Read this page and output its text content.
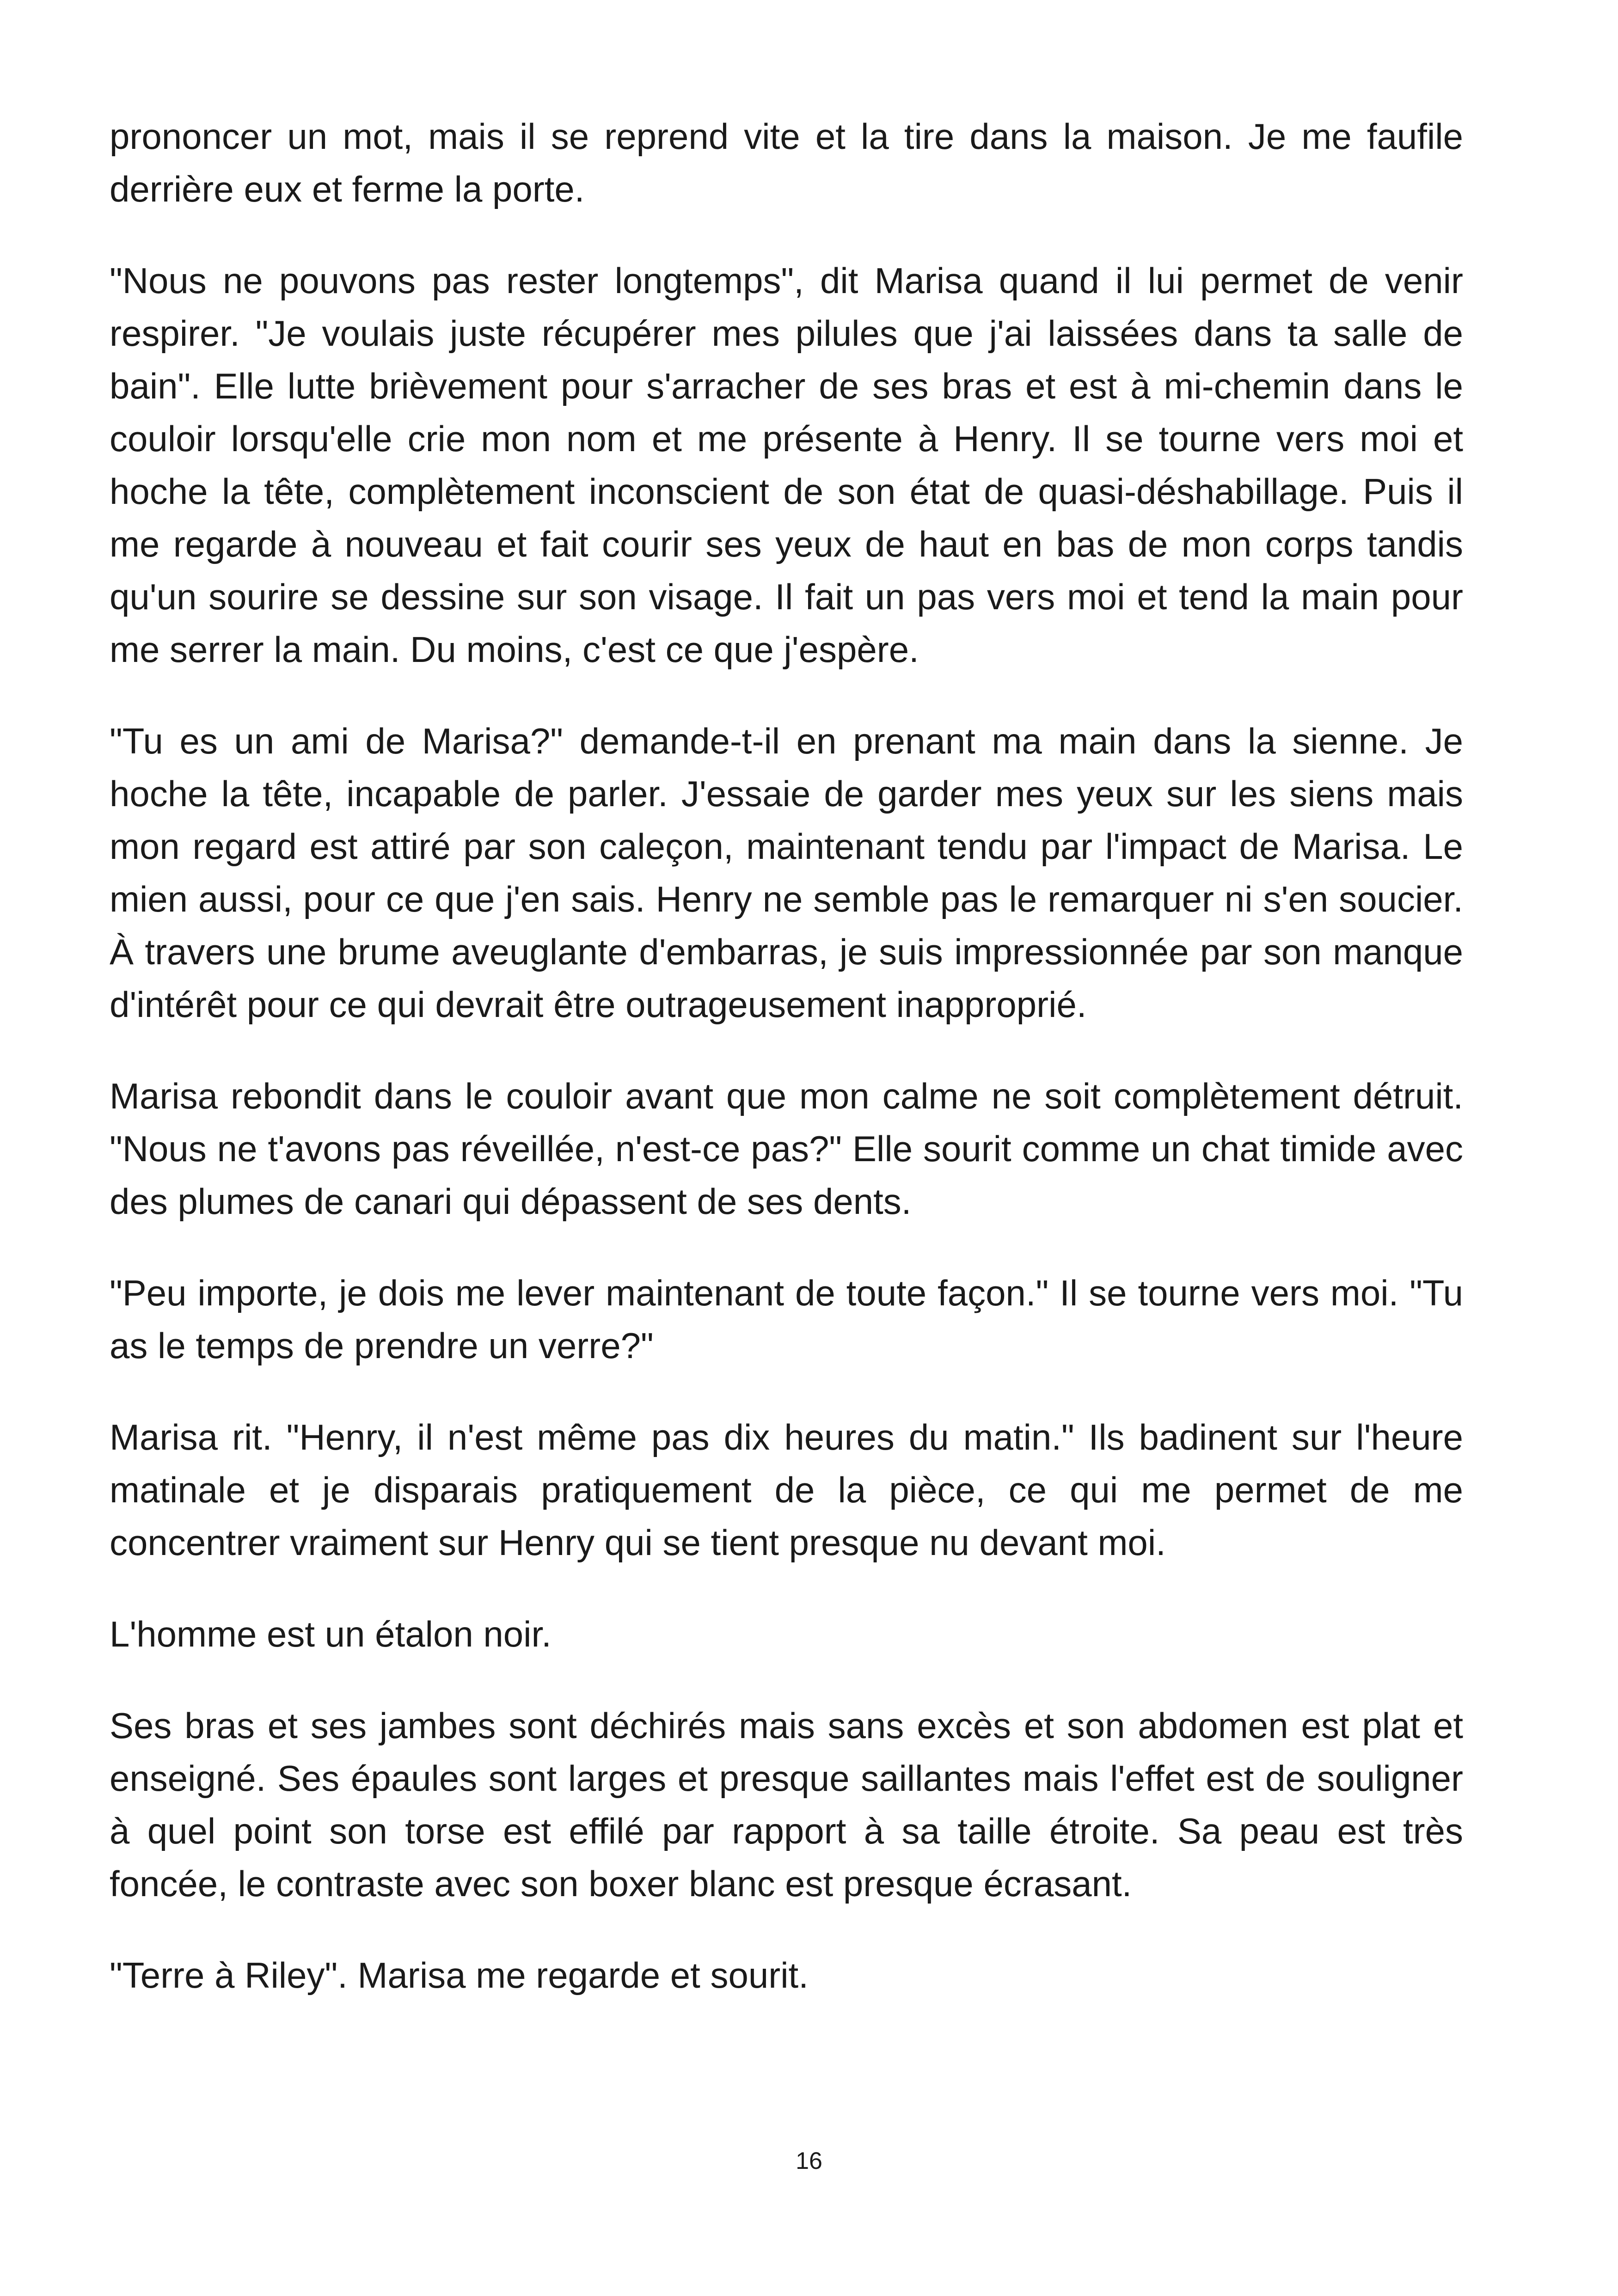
prononcer un mot, mais il se reprend vite et la tire dans la maison. Je me faufile derrière eux et ferme la porte.

"Nous ne pouvons pas rester longtemps", dit Marisa quand il lui permet de venir respirer. "Je voulais juste récupérer mes pilules que j'ai laissées dans ta salle de bain". Elle lutte brièvement pour s'arracher de ses bras et est à mi-chemin dans le couloir lorsqu'elle crie mon nom et me présente à Henry. Il se tourne vers moi et hoche la tête, complètement inconscient de son état de quasi-déshabillage. Puis il me regarde à nouveau et fait courir ses yeux de haut en bas de mon corps tandis qu'un sourire se dessine sur son visage. Il fait un pas vers moi et tend la main pour me serrer la main. Du moins, c'est ce que j'espère.

"Tu es un ami de Marisa?" demande-t-il en prenant ma main dans la sienne. Je hoche la tête, incapable de parler. J'essaie de garder mes yeux sur les siens mais mon regard est attiré par son caleçon, maintenant tendu par l'impact de Marisa. Le mien aussi, pour ce que j'en sais. Henry ne semble pas le remarquer ni s'en soucier. À travers une brume aveuglante d'embarras, je suis impressionnée par son manque d'intérêt pour ce qui devrait être outrageusement inapproprié.

Marisa rebondit dans le couloir avant que mon calme ne soit complètement détruit. "Nous ne t'avons pas réveillée, n'est-ce pas?" Elle sourit comme un chat timide avec des plumes de canari qui dépassent de ses dents.

"Peu importe, je dois me lever maintenant de toute façon." Il se tourne vers moi. "Tu as le temps de prendre un verre?"

Marisa rit. "Henry, il n'est même pas dix heures du matin." Ils badinent sur l'heure matinale et je disparais pratiquement de la pièce, ce qui me permet de me concentrer vraiment sur Henry qui se tient presque nu devant moi.

L'homme est un étalon noir.

Ses bras et ses jambes sont déchirés mais sans excès et son abdomen est plat et enseigné. Ses épaules sont larges et presque saillantes mais l'effet est de souligner à quel point son torse est effilé par rapport à sa taille étroite. Sa peau est très foncée, le contraste avec son boxer blanc est presque écrasant.

"Terre à Riley". Marisa me regarde et sourit.

16
